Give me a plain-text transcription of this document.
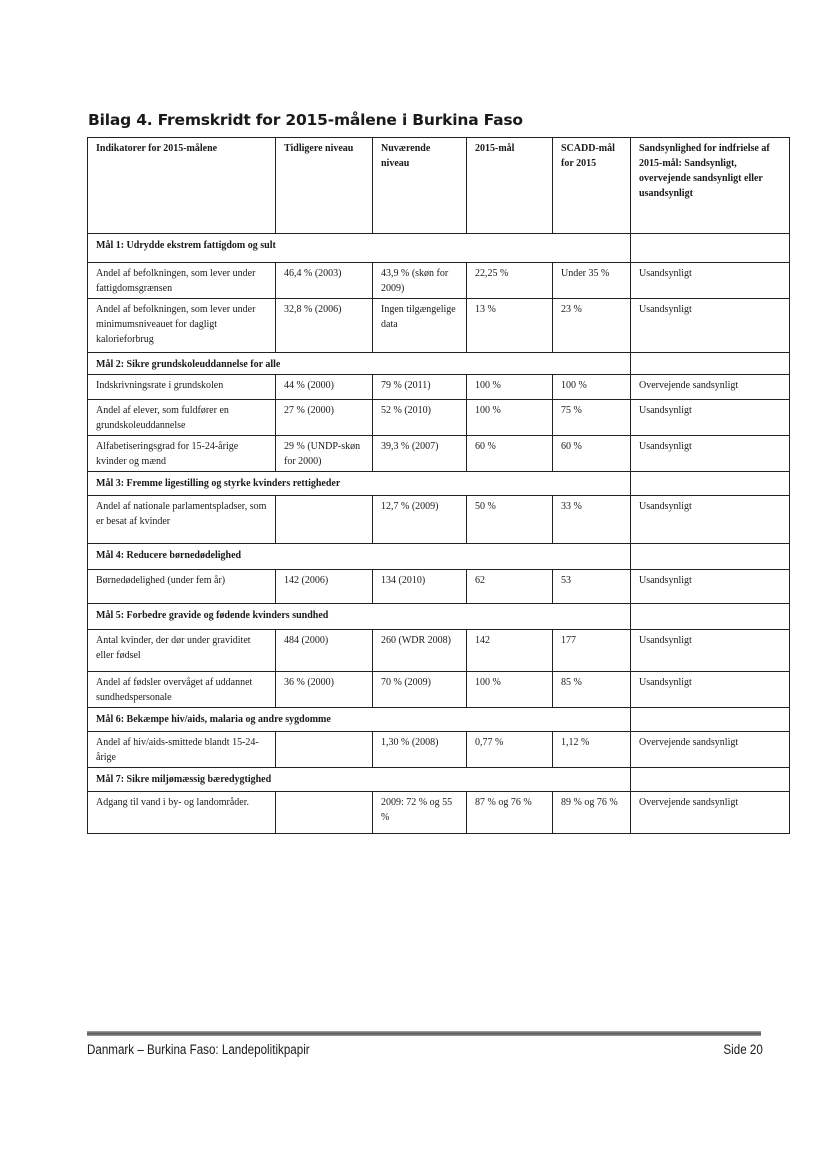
Bilag 4. Fremskridt for 2015-målene i Burkina Faso
Indikatorer for 2015-målene	Tidligere niveau	Nuværende niveau	2015-mål	SCADD-mål for 2015	Sandsynlighed for indfrielse af 2015-mål: Sandsynligt, overvejende sandsynligt eller usandsynligt
Mål 1: Udrydde ekstrem fattigdom og sult					
Andel af befolkningen, som lever under fattigdomsgrænsen	46,4 % (2003)	43,9 % (skøn for 2009)	22,25 %	Under 35 %	Usandsynligt
Andel af befolkningen, som lever under minimumsniveauet for dagligt kalorieforbrug	32,8 % (2006)	Ingen tilgængelige data	13 %	23 %	Usandsynligt
Mål 2: Sikre grundskoleuddannelse for alle					
Indskrivningsrate i grundskolen	44 % (2000)	79 % (2011)	100 %	100 %	Overvejende sandsynligt
Andel af elever, som fuldfører en grundskoleuddannelse	27 % (2000)	52 % (2010)	100 %	75 %	Usandsynligt
Alfabetiseringsgrad for 15-24-årige kvinder og mænd	29 % (UNDP-skøn for 2000)	39,3 % (2007)	60 %	60 %	Usandsynligt
Mål 3: Fremme ligestilling og styrke kvinders rettigheder					
Andel af nationale parlamentspladser, som er besat af kvinder		12,7 % (2009)	50 %	33 %	Usandsynligt
Mål 4: Reducere børnedødelighed					
Børnedødelighed (under fem år)	142 (2006)	134 (2010)	62	53	Usandsynligt
Mål 5: Forbedre gravide og fødende kvinders sundhed					
Antal kvinder, der dør under graviditet eller fødsel	484 (2000)	260 (WDR 2008)	142	177	Usandsynligt
Andel af fødsler overvåget af uddannet sundhedspersonale	36 % (2000)	70 % (2009)	100 %	85 %	Usandsynligt
Mål 6: Bekæmpe hiv/aids, malaria og andre sygdomme					
Andel af hiv/aids-smittede blandt 15-24-årige		1,30 % (2008)	0,77 %	1,12 %	Overvejende sandsynligt
Mål 7: Sikre miljømæssig bæredygtighed					
Adgang til vand i by- og landområder.		2009: 72 % og 55 %	87 % og 76 %	89 % og 76 %	Overvejende sandsynligt
Danmark – Burkina Faso: Landepolitikpapir	Side 20
